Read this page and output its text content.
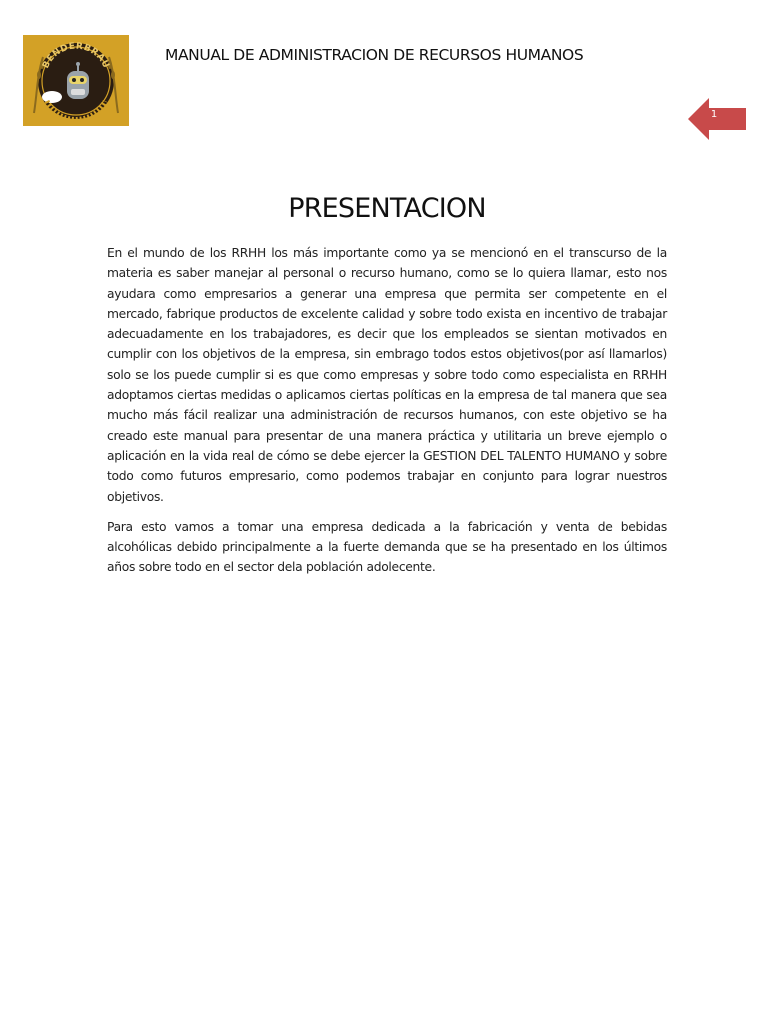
BENDERBRAU
MANUAL DE ADMINISTRACION DE RECURSOS HUMANOS
1
PRESENTACION

En el mundo de los RRHH los más importante como ya se mencionó en el transcurso de la materia es saber manejar al personal o recurso humano, como se lo quiera llamar, esto nos ayudara como empresarios a generar una empresa que permita ser competente en el mercado, fabrique productos de excelente calidad y sobre todo exista en incentivo de trabajar adecuadamente en los trabajadores, es decir que los empleados se sientan motivados en cumplir con los objetivos de la empresa, sin embrago todos estos objetivos(por así llamarlos) solo se los puede cumplir si es que como empresas y sobre todo como especialista en RRHH adoptamos ciertas medidas o aplicamos ciertas políticas en la empresa de tal manera que sea mucho más fácil realizar una administración de recursos humanos, con este objetivo se ha creado este manual para presentar de una manera práctica y utilitaria un breve ejemplo o aplicación en la vida real de cómo se debe ejercer la GESTION DEL TALENTO HUMANO y sobre todo como futuros empresario, como podemos trabajar en conjunto para lograr nuestros objetivos.

Para esto vamos a tomar una empresa dedicada a la fabricación y venta de bebidas alcohólicas debido principalmente a la fuerte demanda que se ha presentado en los últimos años sobre todo en el sector dela población adolecente.
